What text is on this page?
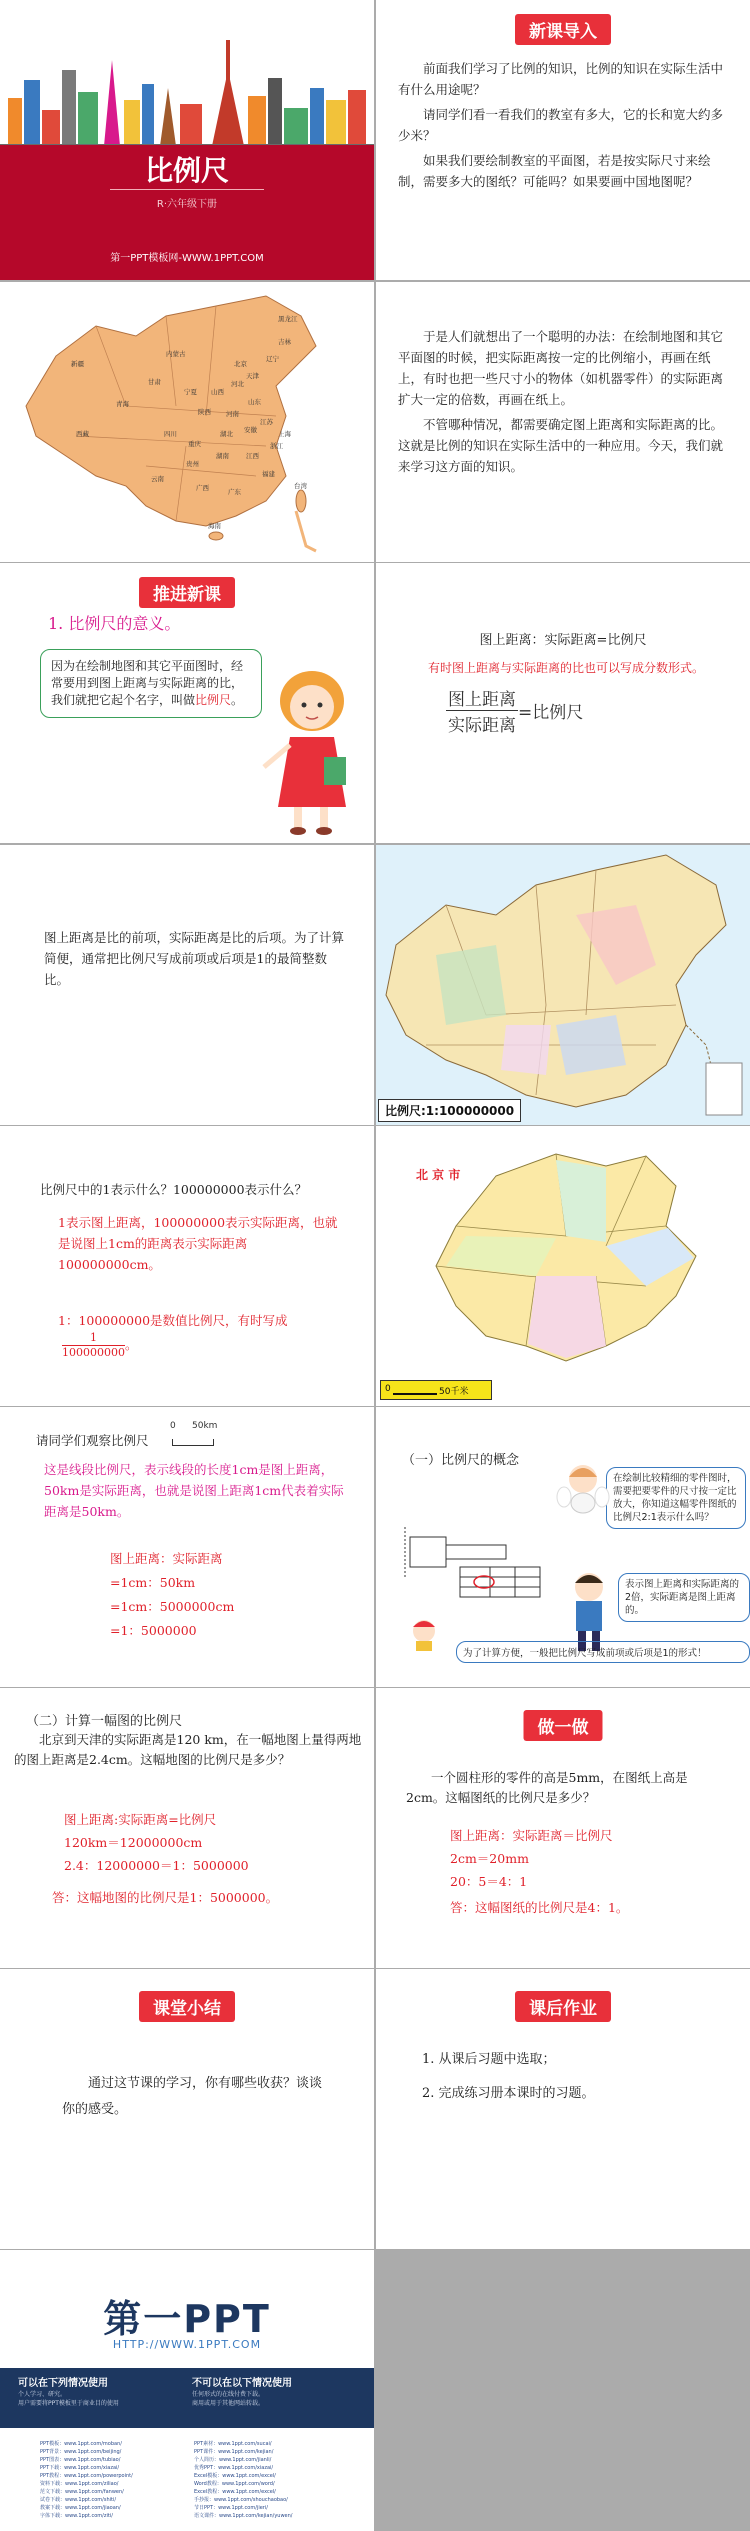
比例尺
R·六年级下册
第一PPT模板网-WWW.1PPT.COM
新课导入

前面我们学习了比例的知识，比例的知识在实际生活中有什么用途呢？

请同学们看一看我们的教室有多大，它的长和宽大约多少米？

如果我们要绘制教室的平面图，若是按实际尺寸来绘制，需要多大的图纸？可能吗？如果要画中国地图呢？

黑龙江
吉林
辽宁
北京
天津
新疆
内蒙古
河北
山西
宁夏
甘肃
青海
西藏
陕西
山东
河南
江苏
安徽	上海
四川	湖北
重庆	浙江
湖南	江西
贵州
云南
福建
广西	广东
台湾
海南

于是人们就想出了一个聪明的办法：在绘制地图和其它平面图的时候，把实际距离按一定的比例缩小，再画在纸上，有时也把一些尺寸小的物体（如机器零件）的实际距离扩大一定的倍数，再画在纸上。

不管哪种情况，都需要确定图上距离和实际距离的比。这就是比例的知识在实际生活中的一种应用。今天，我们就来学习这方面的知识。

推进新课
1. 比例尺的意义。
因为在绘制地图和其它平面图时，经常要用到图上距离与实际距离的比，我们就把它起个名字，叫做比例尺。
图上距离：实际距离=比例尺
有时图上距离与实际距离的比也可以写成分数形式。
图上距离
实际距离
=比例尺
图上距离是比的前项，实际距离是比的后项。为了计算简便，通常把比例尺写成前项或后项是1的最简整数比。
比例尺:1:100000000
比例尺中的1表示什么？100000000表示什么？
1表示图上距离，100000000表示实际距离，也就是说图上1cm的距离表示实际距离100000000cm。
1：100000000是数值比例尺，有时写成
$\frac{1}{100000000}$ 。
北 京 市
0	50千米
请同学们观察比例尺
0 50km
这是线段比例尺，表示线段的长度1cm是图上距离，50km是实际距离，也就是说图上距离1cm代表着实际距离是50km。
图上距离：实际距离
=1cm：50km
=1cm：5000000cm
=1：5000000
（一）比例尺的概念
在绘制比较精细的零件图时，需要把要零件的尺寸按一定比放大，你知道这幅零件图纸的比例尺2:1表示什么吗？
表示图上距离和实际距离的2倍，实际距离是图上距离的。
为了计算方便，一般把比例尺写成前项或后项是1的形式！
（二）计算一幅图的比例尺
北京到天津的实际距离是120 km，在一幅地图上量得两地的图上距离是2.4cm。这幅地图的比例尺是多少？
图上距离:实际距离=比例尺
120km＝12000000cm
2.4：12000000＝1：5000000
答：这幅地图的比例尺是1：5000000。
做一做
一个圆柱形的零件的高是5mm，在图纸上高是2cm。这幅图纸的比例尺是多少？
图上距离：实际距离＝比例尺
2cm＝20mm
20：5＝4：1
答：这幅图纸的比例尺是4：1。
课堂小结
通过这节课的学习，你有哪些收获？谈谈你的感受。
课后作业
1. 从课后习题中选取；
2. 完成练习册本课时的习题。
第一PPT
HTTP://WWW.1PPT.COM
可以在下列情况使用
个人学习、研究。
用户需要将PPT模板里于商业目的使用
不可以在以下情况使用
任何形式的在线付费下载。
商用或用于其他网站转载。
PPT模板：www.1ppt.com/moban/
PPT背景：www.1ppt.com/beijing/
PPT图表：www.1ppt.com/tubiao/
PPT下载：www.1ppt.com/xiazai/
PPT教程：www.1ppt.com/powerpoint/
资料下载：www.1ppt.com/ziliao/
范文下载：www.1ppt.com/fanwen/
试卷下载：www.1ppt.com/shiti/
教案下载：www.1ppt.com/jiaoan/
字体下载：www.1ppt.com/ziti/
PPT素材：www.1ppt.com/sucai/
PPT课件：www.1ppt.com/kejian/
个人简历：www.1ppt.com/jianli/
优秀PPT：www.1ppt.com/xiazai/
Excel模板：www.1ppt.com/excel/
Word教程：www.1ppt.com/word/
Excel教程：www.1ppt.com/excel/
手抄报：www.1ppt.com/shouchaobao/
节日PPT：www.1ppt.com/jieri/
语文课件：www.1ppt.com/kejian/yuwen/
